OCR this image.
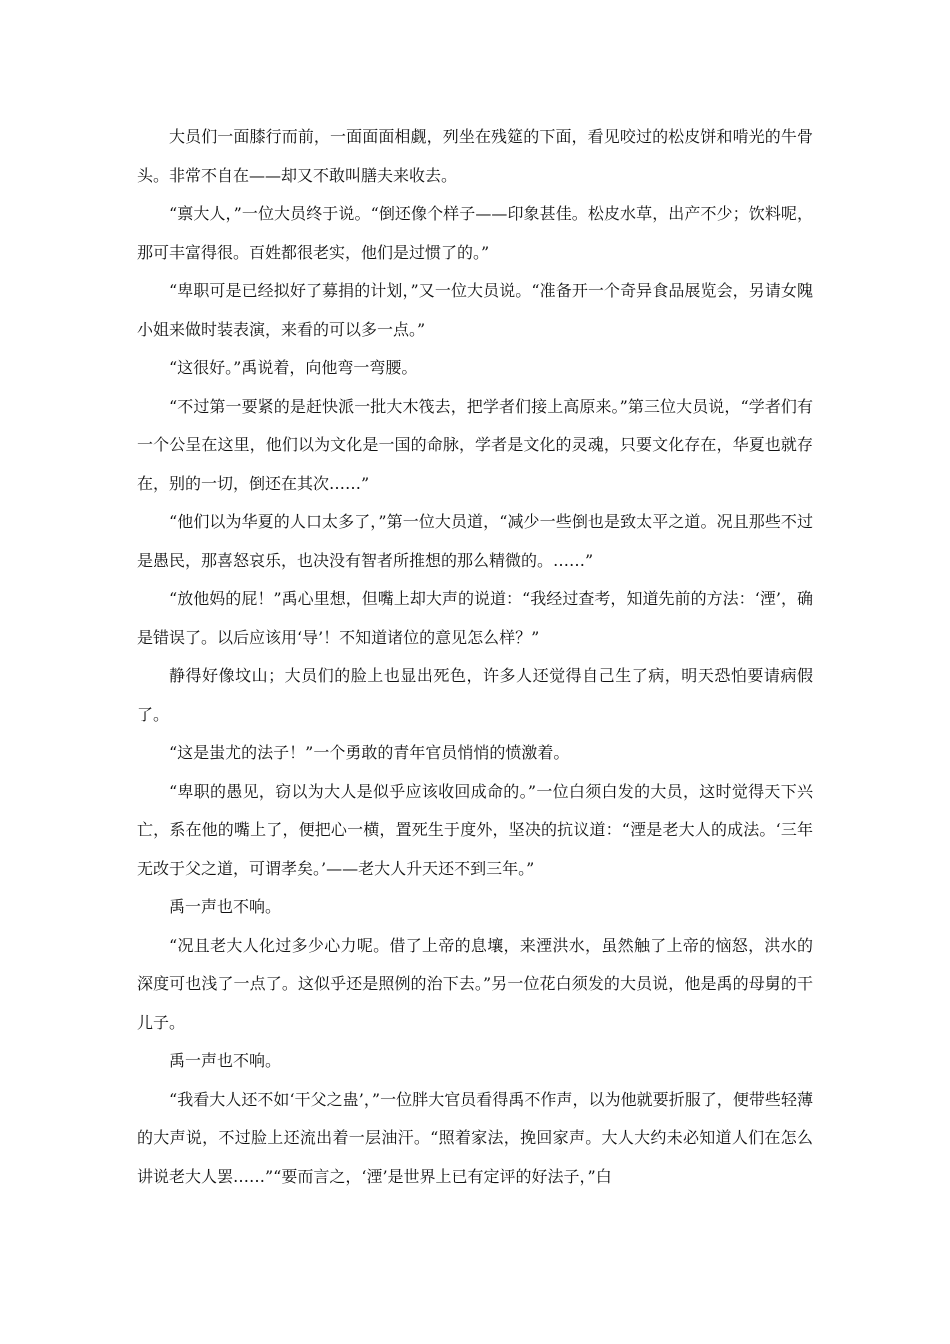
大员们一面膝行而前，一面面面相觑，列坐在残筵的下面，看见咬过的松皮饼和啃光的牛骨头。非常不自在——却又不敢叫膳夫来收去。

“禀大人，”一位大员终于说。“倒还像个样子——印象甚佳。松皮水草，出产不少；饮料呢，那可丰富得很。百姓都很老实，他们是过惯了的。”

“卑职可是已经拟好了募捐的计划，”又一位大员说。“准备开一个奇异食品展览会，另请女隗小姐来做时装表演，来看的可以多一点。”

“这很好。”禹说着，向他弯一弯腰。

“不过第一要紧的是赶快派一批大木筏去，把学者们接上高原来。”第三位大员说，“学者们有一个公呈在这里，他们以为文化是一国的命脉，学者是文化的灵魂，只要文化存在，华夏也就存在，别的一切，倒还在其次……”

“他们以为华夏的人口太多了，”第一位大员道，“减少一些倒也是致太平之道。况且那些不过是愚民，那喜怒哀乐，也决没有智者所推想的那么精微的。……”

“放他妈的屁！”禹心里想，但嘴上却大声的说道：“我经过查考，知道先前的方法：‘湮’，确是错误了。以后应该用‘导’！不知道诸位的意见怎么样？”

静得好像坟山；大员们的脸上也显出死色，许多人还觉得自己生了病，明天恐怕要请病假了。

“这是蚩尤的法子！”一个勇敢的青年官员悄悄的愤激着。

“卑职的愚见，窃以为大人是似乎应该收回成命的。”一位白须白发的大员，这时觉得天下兴亡，系在他的嘴上了，便把心一横，置死生于度外，坚决的抗议道：“湮是老大人的成法。‘三年无改于父之道，可谓孝矣。’——老大人升天还不到三年。”

禹一声也不响。

“况且老大人化过多少心力呢。借了上帝的息壤，来湮洪水，虽然触了上帝的恼怒，洪水的深度可也浅了一点了。这似乎还是照例的治下去。”另一位花白须发的大员说，他是禹的母舅的干儿子。

禹一声也不响。

“我看大人还不如‘干父之蛊’，”一位胖大官员看得禹不作声，以为他就要折服了，便带些轻薄的大声说，不过脸上还流出着一层油汗。“照着家法，挽回家声。大人大约未必知道人们在怎么讲说老大人罢……”“要而言之，‘湮’是世界上已有定评的好法子，”白
